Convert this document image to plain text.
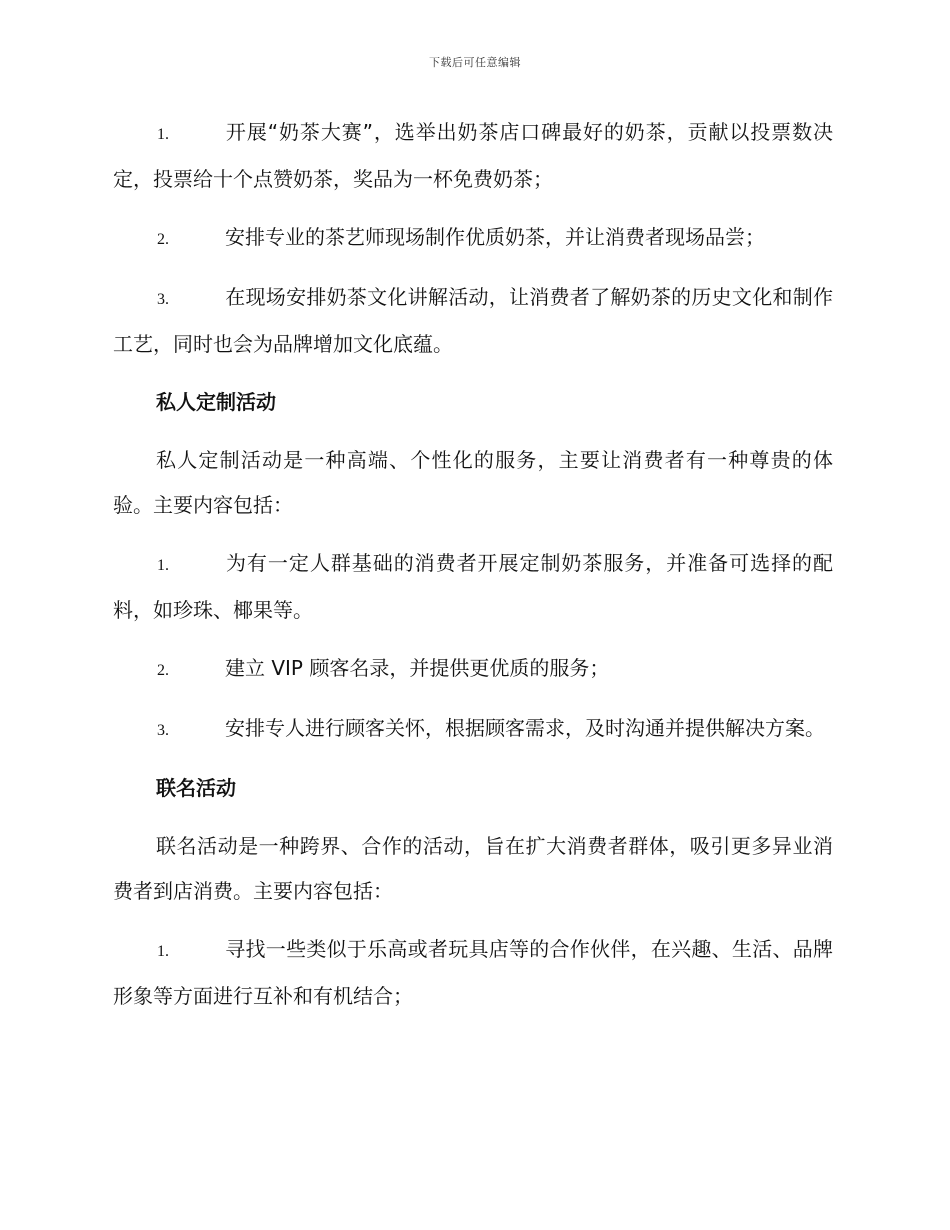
下载后可任意编辑
1.	开展“奶茶大赛”，选举出奶茶店口碑最好的奶茶，贡献以投票数决定，投票给十个点赞奶茶，奖品为一杯免费奶茶；
2.	安排专业的茶艺师现场制作优质奶茶，并让消费者现场品尝；
3.	在现场安排奶茶文化讲解活动，让消费者了解奶茶的历史文化和制作工艺，同时也会为品牌增加文化底蕴。
私人定制活动
私人定制活动是一种高端、个性化的服务，主要让消费者有一种尊贵的体验。主要内容包括：
1.	为有一定人群基础的消费者开展定制奶茶服务，并准备可选择的配料，如珍珠、椰果等。
2.	建立 VIP 顾客名录，并提供更优质的服务；
3.	安排专人进行顾客关怀，根据顾客需求，及时沟通并提供解决方案。
联名活动
联名活动是一种跨界、合作的活动，旨在扩大消费者群体，吸引更多异业消费者到店消费。主要内容包括：
1.	寻找一些类似于乐高或者玩具店等的合作伙伴，在兴趣、生活、品牌形象等方面进行互补和有机结合；
